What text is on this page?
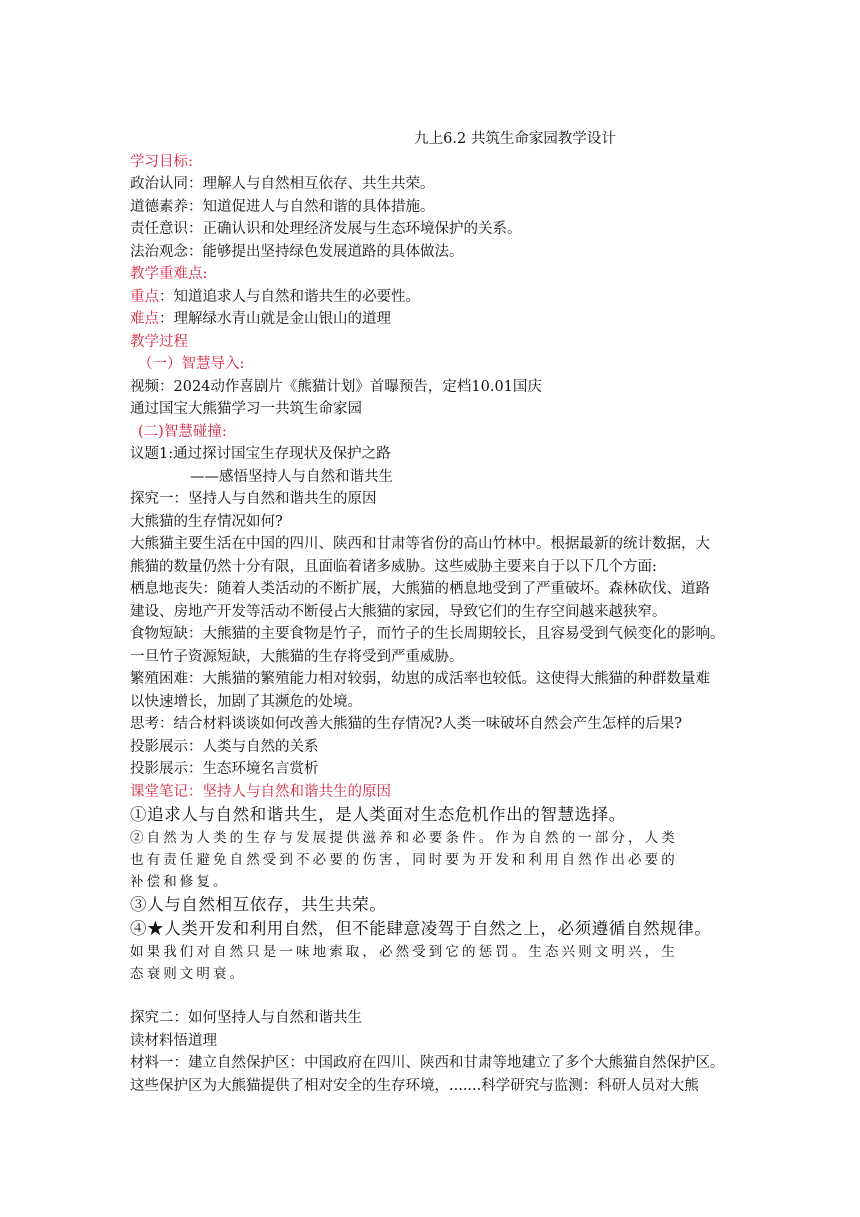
九上6.2 共筑生命家园教学设计
学习目标:
政治认同：理解人与自然相互依存、共生共荣。
道德素养：知道促进人与自然和谐的具体措施。
责任意识：正确认识和处理经济发展与生态环境保护的关系。
法治观念：能够提出坚持绿色发展道路的具体做法。
教学重难点:
重点：知道追求人与自然和谐共生的必要性。
难点：理解绿水青山就是金山银山的道理
教学过程
（一）智慧导入:
视频：2024动作喜剧片《熊猫计划》首曝预告，定档10.01国庆
通过国宝大熊猫学习一共筑生命家园
(二)智慧碰撞:
议题1:通过探讨国宝生存现状及保护之路
——感悟坚持人与自然和谐共生
探究一：坚持人与自然和谐共生的原因
大熊猫的生存情况如何?
大熊猫主要生活在中国的四川、陕西和甘肃等省份的高山竹林中。根据最新的统计数据，大
熊猫的数量仍然十分有限，且面临着诸多威胁。这些威胁主要来自于以下几个方面:
栖息地丧失：随着人类活动的不断扩展，大熊猫的栖息地受到了严重破坏。森林砍伐、道路
建设、房地产开发等活动不断侵占大熊猫的家园，导致它们的生存空间越来越狭窄。
食物短缺：大熊猫的主要食物是竹子，而竹子的生长周期较长，且容易受到气候变化的影响。
一旦竹子资源短缺，大熊猫的生存将受到严重威胁。
繁殖困难：大熊猫的繁殖能力相对较弱，幼崽的成活率也较低。这使得大熊猫的种群数量难
以快速增长，加剧了其濒危的处境。
思考：结合材料谈谈如何改善大熊猫的生存情况?人类一味破坏自然会产生怎样的后果?
投影展示：人类与自然的关系
投影展示：生态环境名言赏析
课堂笔记：坚持人与自然和谐共生的原因
①追求人与自然和谐共生，是人类面对生态危机作出的智慧选择。
②自然为人类的生存与发展提供滋养和必要条件。作为自然的一部分，人类
也有责任避免自然受到不必要的伤害，同时要为开发和利用自然作出必要的
补偿和修复。
③人与自然相互依存，共生共荣。
④★人类开发和利用自然，但不能肆意凌驾于自然之上，必须遵循自然规律。
如果我们对自然只是一味地索取，必然受到它的惩罚。生态兴则文明兴，生
态衰则文明衰。
探究二：如何坚持人与自然和谐共生
读材料悟道理
材料一：建立自然保护区：中国政府在四川、陕西和甘肃等地建立了多个大熊猫自然保护区。
这些保护区为大熊猫提供了相对安全的生存环境，.......科学研究与监测：科研人员对大熊
